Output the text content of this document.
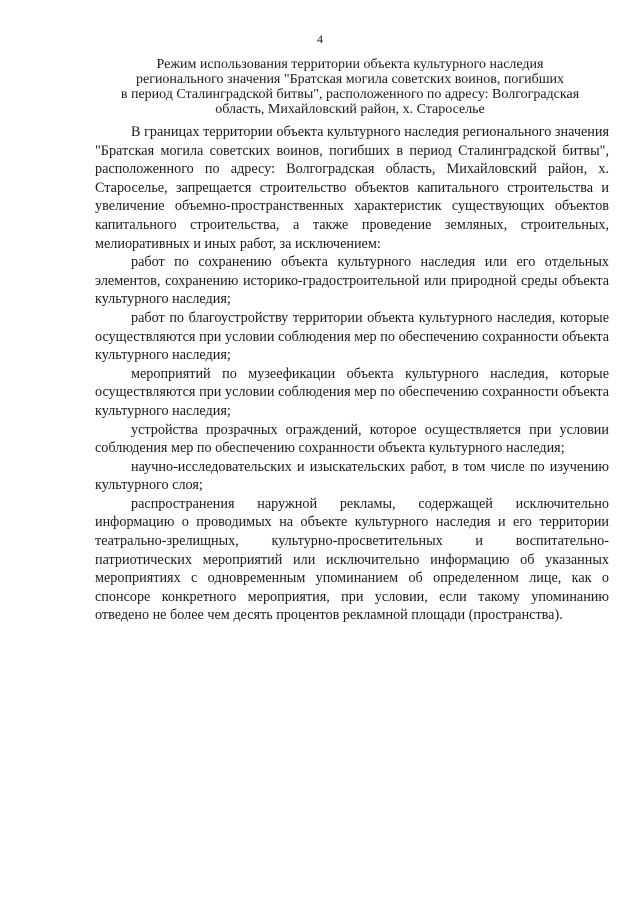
4
Режим использования территории объекта культурного наследия
регионального значения "Братская могила советских воинов, погибших
в период Сталинградской битвы", расположенного по адресу: Волгоградская
область, Михайловский район, х. Староселье

В границах территории объекта культурного наследия регионального значения "Братская могила советских воинов, погибших в период Сталинградской битвы", расположенного по адресу: Волгоградская область, Михайловский район, х. Староселье, запрещается строительство объектов капитального строительства и увеличение объемно-пространственных характеристик существующих объектов капитального строительства, а также проведение земляных, строительных, мелиоративных и иных работ, за исключением:

работ по сохранению объекта культурного наследия или его отдельных элементов, сохранению историко-градостроительной или природной среды объекта культурного наследия;

работ по благоустройству территории объекта культурного наследия, которые осуществляются при условии соблюдения мер по обеспечению сохранности объекта культурного наследия;

мероприятий по музеефикации объекта культурного наследия, которые осуществляются при условии соблюдения мер по обеспечению сохранности объекта культурного наследия;

устройства прозрачных ограждений, которое осуществляется при условии соблюдения мер по обеспечению сохранности объекта культурного наследия;

научно-исследовательских и изыскательских работ, в том числе по изучению культурного слоя;

распространения наружной рекламы, содержащей исключительно информацию о проводимых на объекте культурного наследия и его территории театрально-зрелищных, культурно-просветительных и воспитательно-патриотических мероприятий или исключительно информацию об указанных мероприятиях с одновременным упоминанием об определенном лице, как о спонсоре конкретного мероприятия, при условии, если такому упоминанию отведено не более чем десять процентов рекламной площади (пространства).
